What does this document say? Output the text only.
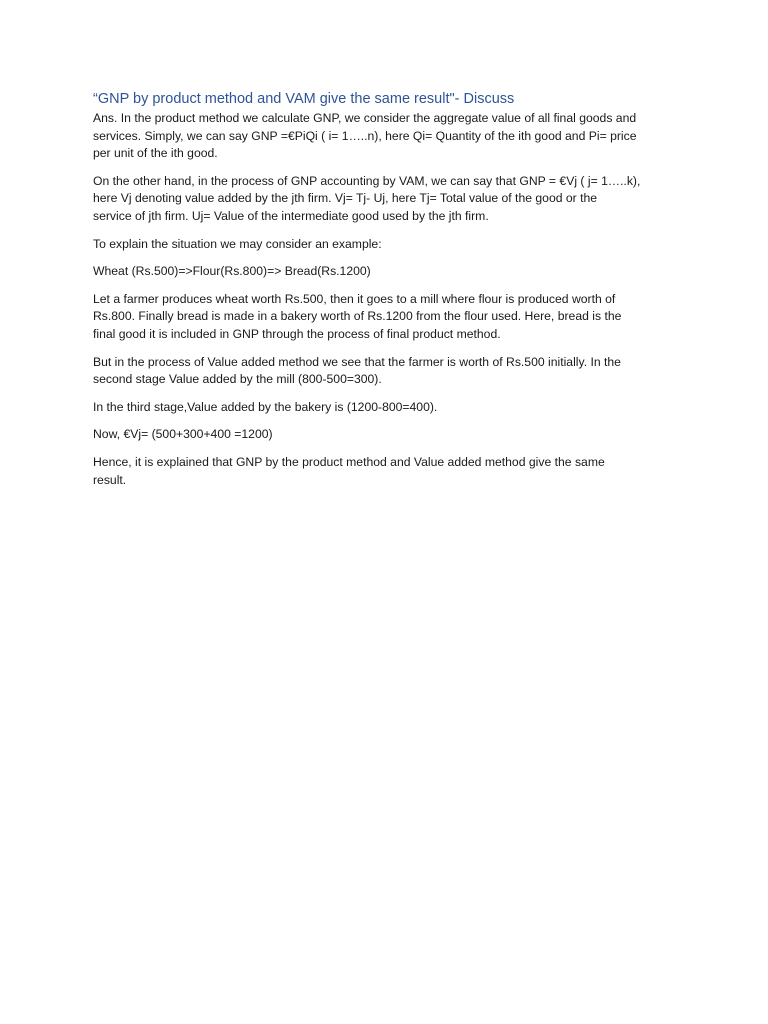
“GNP by product method and VAM give the same result"- Discuss

Ans. In the product method we calculate GNP, we consider the aggregate value of all final goods and
services. Simply, we can say GNP =€PiQi ( i= 1…..n), here Qi= Quantity of the ith good and Pi= price
per unit of the ith good.

On the other hand, in the process of GNP accounting by VAM, we can say that GNP = €Vj ( j= 1…..k),
here Vj denoting value added by the jth firm. Vj= Tj- Uj, here Tj= Total value of the good or the
service of jth firm. Uj= Value of the intermediate good used by the jth firm.

To explain the situation we may consider an example:

Wheat (Rs.500)=>Flour(Rs.800)=> Bread(Rs.1200)

Let a farmer produces wheat worth Rs.500, then it goes to a mill where flour is produced worth of
Rs.800. Finally bread is made in a bakery worth of Rs.1200 from the flour used. Here, bread is the
final good it is included in GNP through the process of final product method.

But in the process of Value added method we see that the farmer is worth of Rs.500 initially. In the
second stage Value added by the mill (800-500=300).

In the third stage,Value added by the bakery is (1200-800=400).

Now, €Vj= (500+300+400 =1200)

Hence, it is explained that GNP by the product method and Value added method give the same
result.
